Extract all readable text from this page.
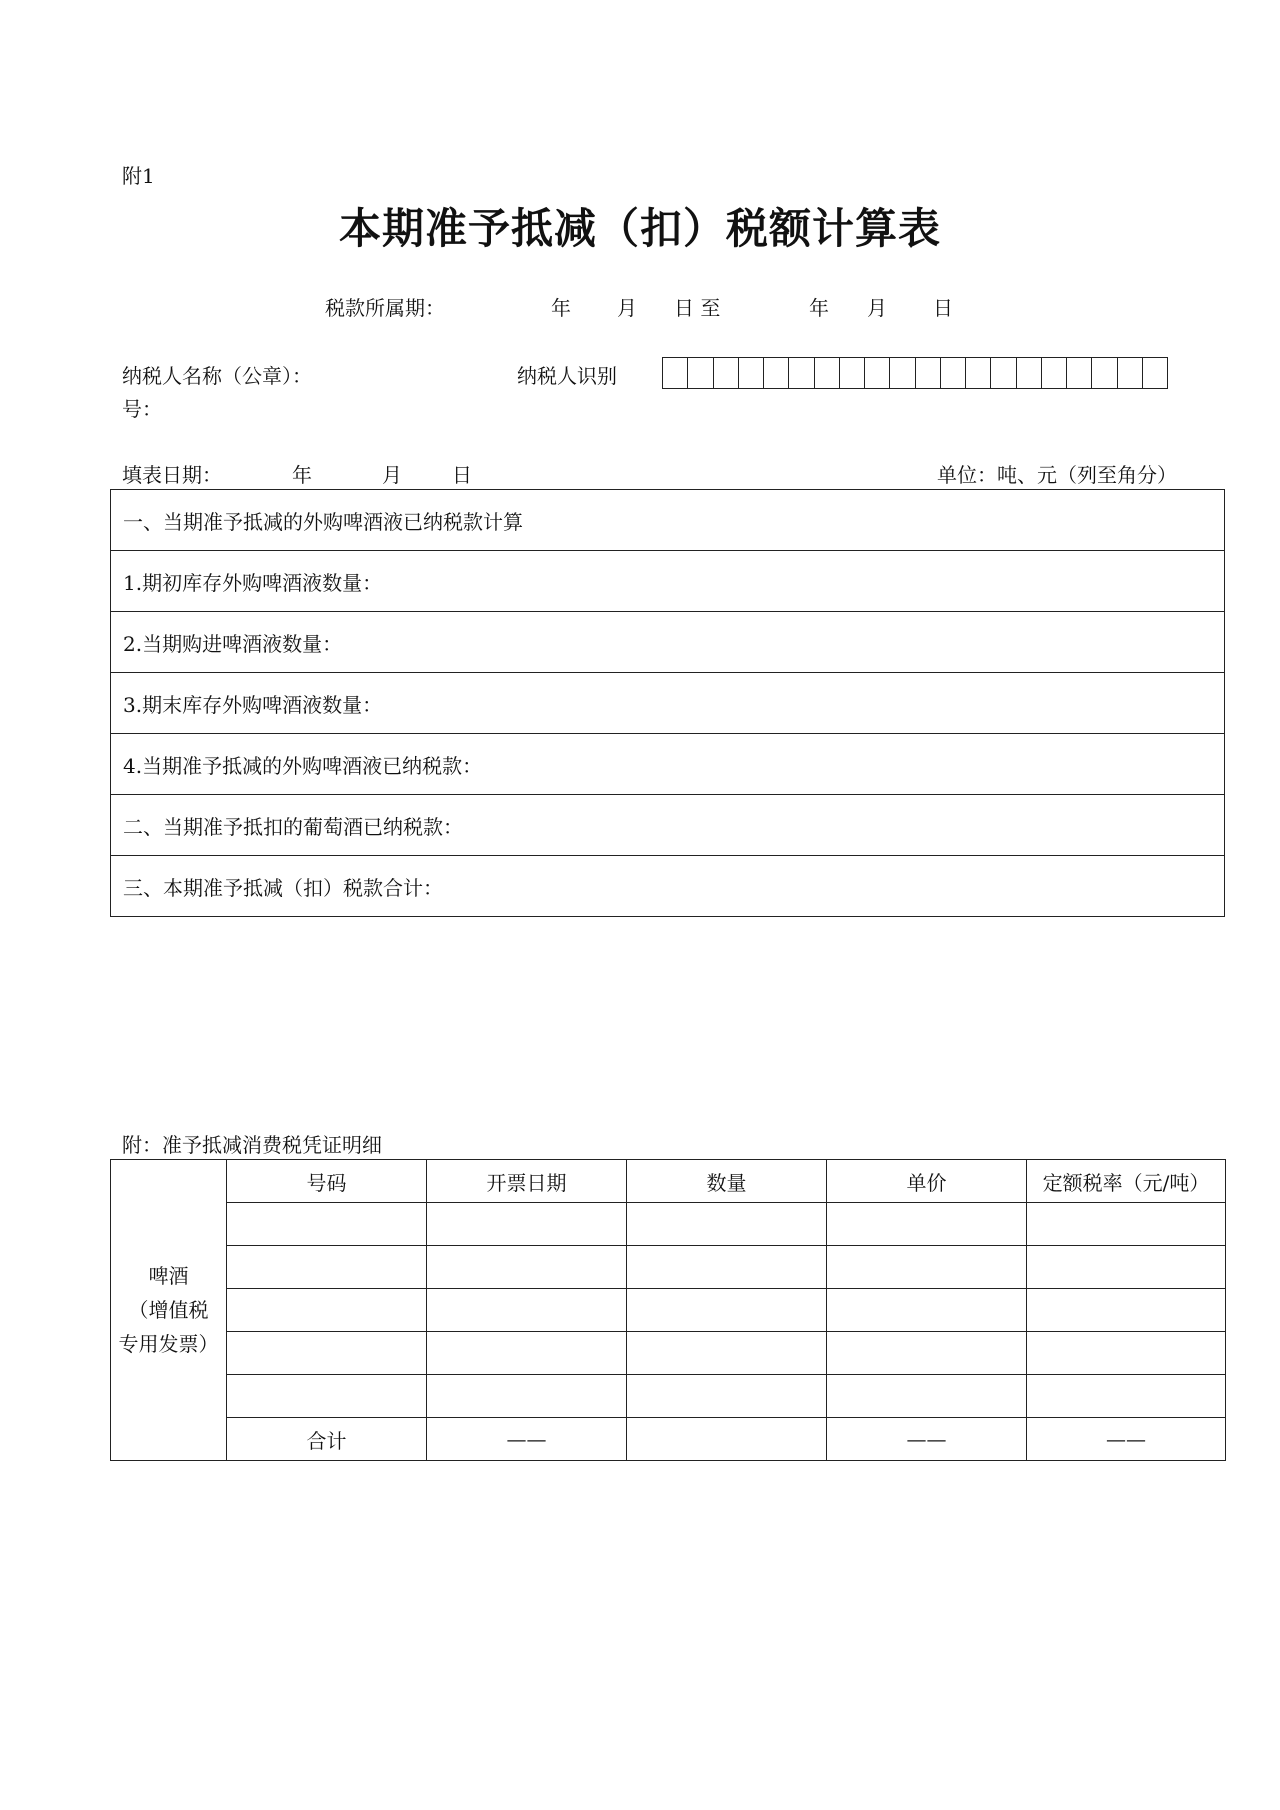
附1
本期准予抵减（扣）税额计算表
税款所属期：	年 月 日 至	年 月 日
纳税人名称（公章）：	纳税人识别
号：
填表日期：	年	月	日	单位：吨、元（列至角分）
一、当期准予抵减的外购啤酒液已纳税款计算
1.期初库存外购啤酒液数量：
2.当期购进啤酒液数量：
3.期末库存外购啤酒液数量：
4.当期准予抵减的外购啤酒液已纳税款：
二、当期准予抵扣的葡萄酒已纳税款：
三、本期准予抵减（扣）税款合计：
附：准予抵减消费税凭证明细
啤酒
（增值税
专用发票）	号码	开票日期	数量	单价	定额税率（元/吨）

	合计	——		——	——
